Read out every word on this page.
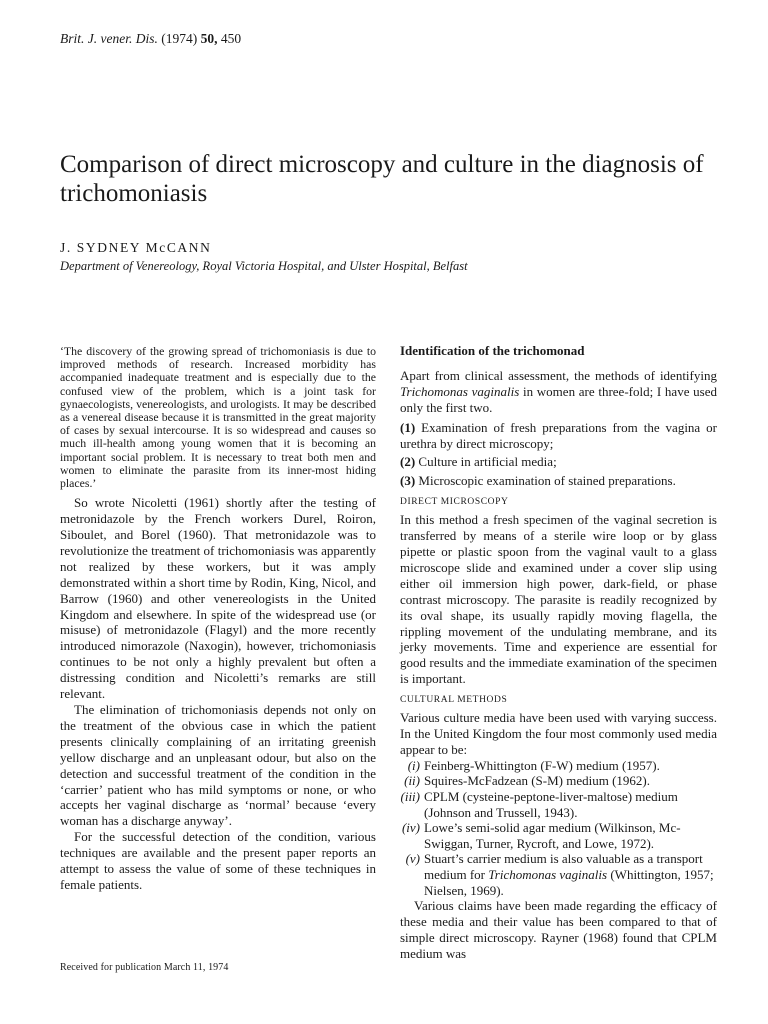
Brit. J. vener. Dis. (1974) 50, 450
Comparison of direct microscopy and culture in the diagnosis of trichomoniasis
J. SYDNEY McCANN
Department of Venereology, Royal Victoria Hospital, and Ulster Hospital, Belfast

‘The discovery of the growing spread of trichomoniasis is due to improved methods of research. Increased morbidity has accompanied inadequate treatment and is especially due to the confused view of the problem, which is a joint task for gynaecologists, venereologists, and urologists. It may be described as a venereal disease because it is transmitted in the great majority of cases by sexual intercourse. It is so widespread and causes so much ill-health among young women that it is becoming an important social problem. It is necessary to treat both men and women to eliminate the parasite from its inner-most hiding places.’

So wrote Nicoletti (1961) shortly after the testing of metronidazole by the French workers Durel, Roiron, Siboulet, and Borel (1960). That metronidazole was to revolutionize the treatment of trichomoniasis was apparently not realized by these workers, but it was amply demonstrated within a short time by Rodin, King, Nicol, and Barrow (1960) and other venereologists in the United Kingdom and elsewhere. In spite of the widespread use (or misuse) of metronidazole (Flagyl) and the more recently introduced nimorazole (Naxogin), however, trichomoniasis continues to be not only a highly prevalent but often a distressing condition and Nicoletti’s remarks are still relevant.

The elimination of trichomoniasis depends not only on the treatment of the obvious case in which the patient presents clinically complaining of an irritating greenish yellow discharge and an unpleasant odour, but also on the detection and successful treatment of the condition in the ‘carrier’ patient who has mild symptoms or none, or who accepts her vaginal discharge as ‘normal’ because ‘every woman has a discharge anyway’.

For the successful detection of the condition, various techniques are available and the present paper reports an attempt to assess the value of some of these techniques in female patients.

Received for publication March 11, 1974
Identification of the trichomonad

Apart from clinical assessment, the methods of identifying Trichomonas vaginalis in women are three-fold; I have used only the first two.

(1) Examination of fresh preparations from the vagina or urethra by direct microscopy;

(2) Culture in artificial media;

(3) Microscopic examination of stained preparations.

DIRECT MICROSCOPY

In this method a fresh specimen of the vaginal secretion is transferred by means of a sterile wire loop or by glass pipette or plastic spoon from the vaginal vault to a glass microscope slide and examined under a cover slip using either oil immersion high power, dark-field, or phase contrast microscopy. The parasite is readily recognized by its oval shape, its usually rapidly moving flagella, the rippling movement of the undulating membrane, and its jerky movements. Time and experience are essential for good results and the immediate examination of the specimen is important.

CULTURAL METHODS

Various culture media have been used with varying success. In the United Kingdom the four most commonly used media appear to be:

(i) Feinberg-Whittington (F-W) medium (1957).
(ii) Squires-McFadzean (S-M) medium (1962).
(iii) CPLM (cysteine-peptone-liver-maltose) medium (Johnson and Trussell, 1943).
(iv) Lowe’s semi-solid agar medium (Wilkinson, Mc-Swiggan, Turner, Rycroft, and Lowe, 1972).
(v) Stuart’s carrier medium is also valuable as a transport medium for Trichomonas vaginalis (Whittington, 1957; Nielsen, 1969).

Various claims have been made regarding the efficacy of these media and their value has been compared to that of simple direct microscopy. Rayner (1968) found that CPLM medium was
